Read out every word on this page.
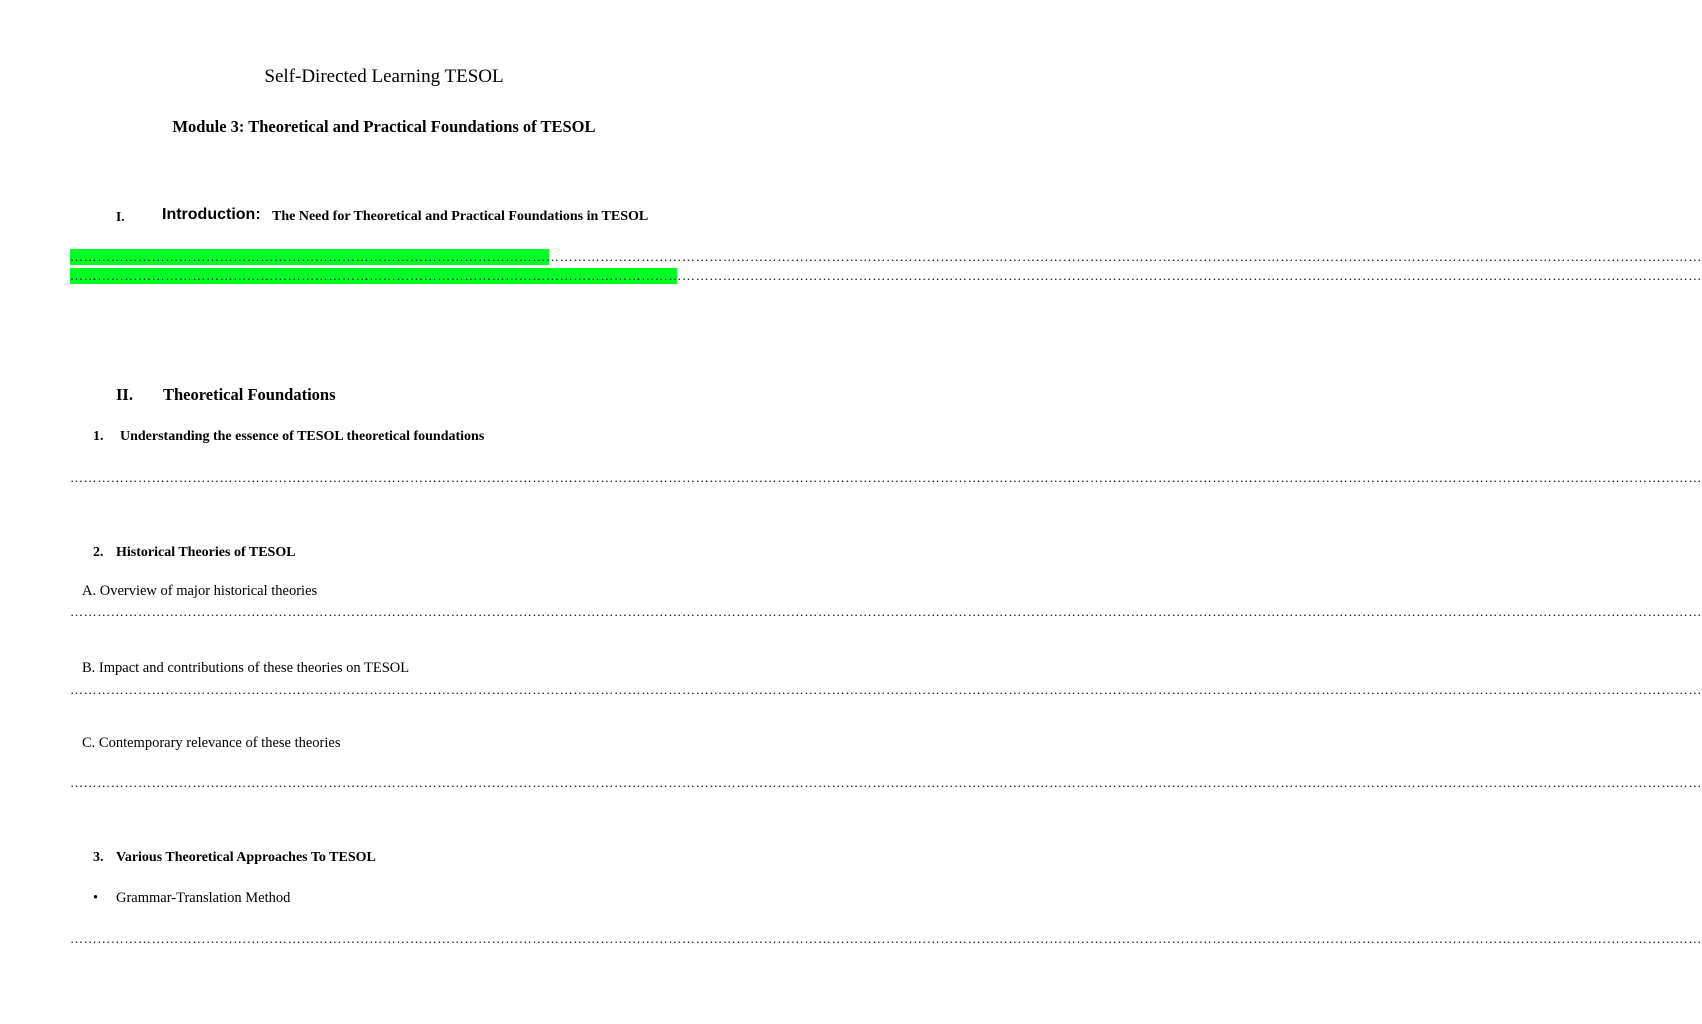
Self-Directed Learning TESOL
Module 3: Theoretical and Practical Foundations of TESOL
I. Introduction: The Need for Theoretical and Practical Foundations in TESOL
………………………………………………………………………………………………………………………………………………………………………………………………………………………………………………………………………………………………………………………………
………………………………………………………………………………………………………………………………………………………………………………………………………………………………………………………………………………………………………………………………
II. Theoretical Foundations
1. Understanding the essence of TESOL theoretical foundations
………………………………………………………………………………………………………………………………………………………………………………………………………………………………………………………………………………………………………………………………
2. Historical Theories of TESOL
A. Overview of major historical theories
………………………………………………………………………………………………………………………………………………………………………………………………………………………………………………………………………………………………………………………………
B. Impact and contributions of these theories on TESOL
………………………………………………………………………………………………………………………………………………………………………………………………………………………………………………………………………………………………………………………………
C. Contemporary relevance of these theories
………………………………………………………………………………………………………………………………………………………………………………………………………………………………………………………………………………………………………………………………
3. Various Theoretical Approaches To TESOL
• Grammar-Translation Method
………………………………………………………………………………………………………………………………………………………………………………………………………………………………………………………………………………………………………………………………
